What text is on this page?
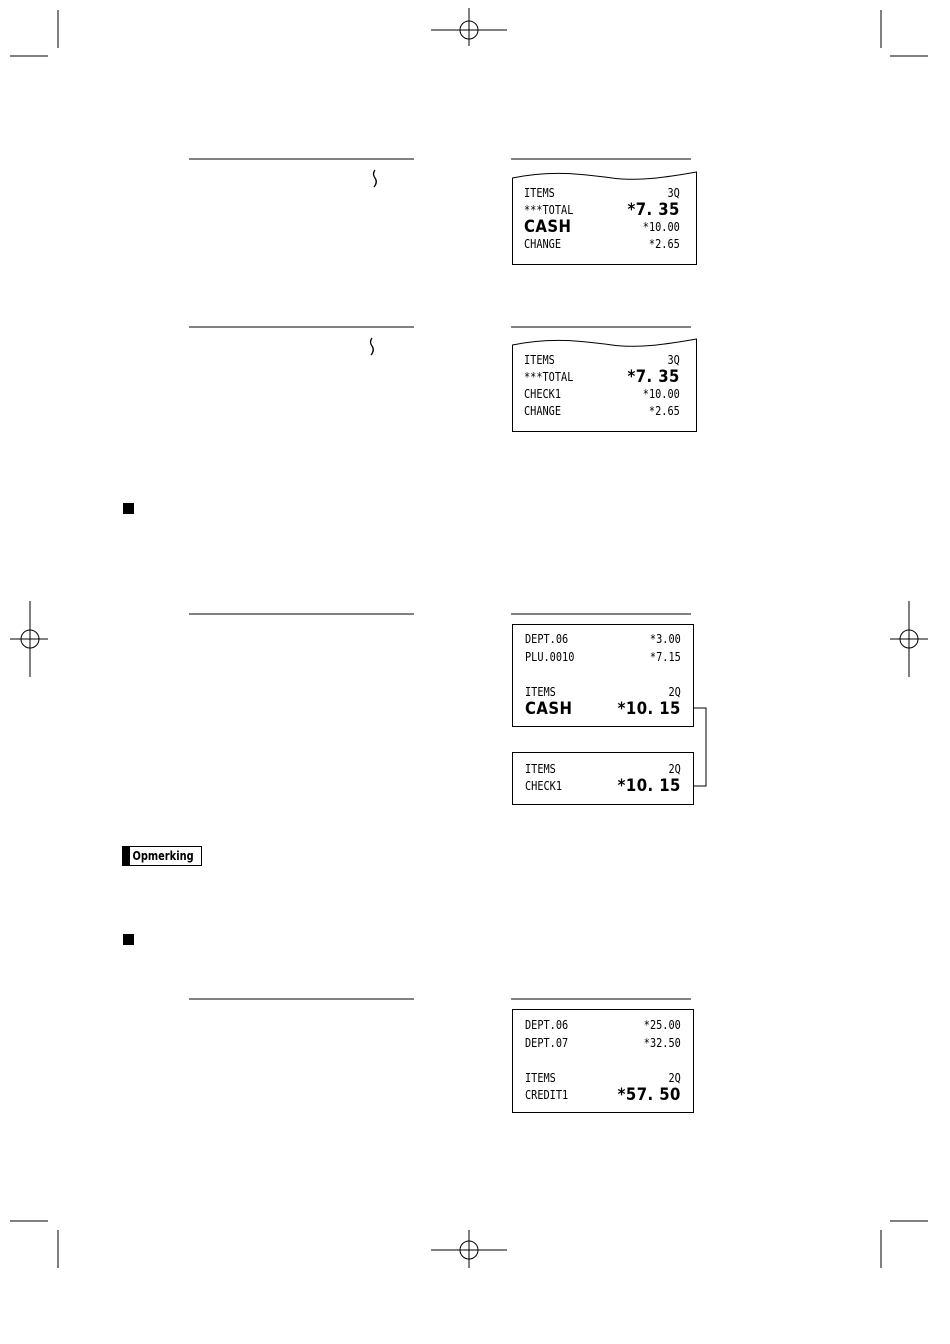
ITEMS	3Q
***TOTAL	*7. 35
CASH	*10.00
CHANGE	*2.65
ITEMS	3Q
***TOTAL	*7. 35
CHECK1	*10.00
CHANGE	*2.65
DEPT.06	*3.00
PLU.0010	*7.15
ITEMS	2Q
CASH	*10. 15
ITEMS	2Q
CHECK1	*10. 15
Opmerking
DEPT.06	*25.00
DEPT.07	*32.50
ITEMS	2Q
CREDIT1	*57. 50
